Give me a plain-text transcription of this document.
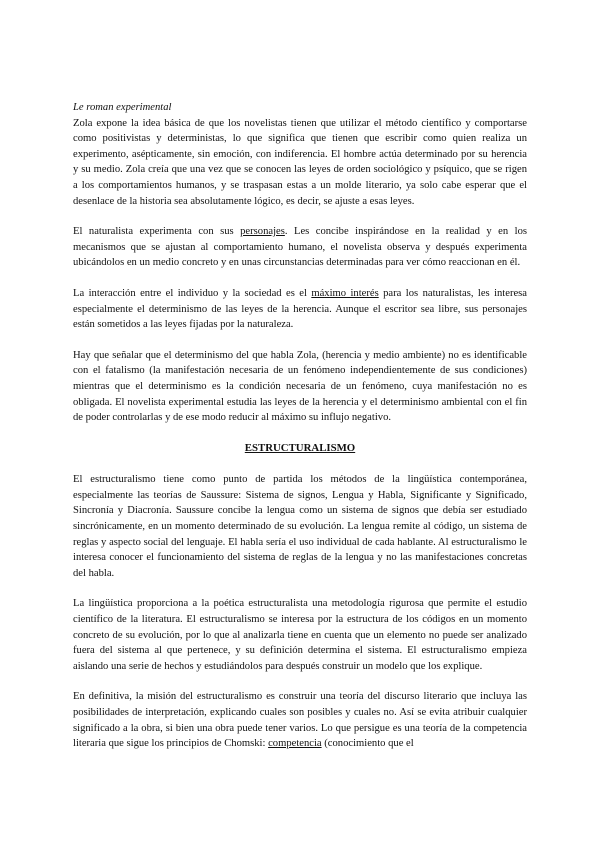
Le roman experimental

Zola expone la idea básica de que los novelistas tienen que utilizar el método científico y comportarse como positivistas y deterministas, lo que significa que tienen que escribir como quien realiza un experimento, asépticamente, sin emoción, con indiferencia. El hombre actúa determinado por su herencia y su medio. Zola creía que una vez que se conocen las leyes de orden sociológico y psíquico, que se rigen a los comportamientos humanos, y se traspasan estas a un molde literario, ya solo cabe esperar que el desenlace de la historia sea absolutamente lógico, es decir, se ajuste a esas leyes.

El naturalista experimenta con sus personajes. Les concibe inspirándose en la realidad y en los mecanismos que se ajustan al comportamiento humano, el novelista observa y después experimenta ubicándolos en un medio concreto y en unas circunstancias determinadas para ver cómo reaccionan en él.

La interacción entre el individuo y la sociedad es el máximo interés para los naturalistas, les interesa especialmente el determinismo de las leyes de la herencia. Aunque el escritor sea libre, sus personajes están sometidos a las leyes fijadas por la naturaleza.

Hay que señalar que el determinismo del que habla Zola, (herencia y medio ambiente) no es identificable con el fatalismo (la manifestación necesaria de un fenómeno independientemente de sus condiciones) mientras que el determinismo es la condición necesaria de un fenómeno, cuya manifestación no es obligada. El novelista experimental estudia las leyes de la herencia y el determinismo ambiental con el fin de poder controlarlas y de ese modo reducir al máximo su influjo negativo.

ESTRUCTURALISMO

El estructuralismo tiene como punto de partida los métodos de la lingüística contemporánea, especialmente las teorías de Saussure: Sistema de signos, Lengua y Habla, Significante y Significado, Sincronía y Diacronía. Saussure concibe la lengua como un sistema de signos que debía ser estudiado sincrónicamente, en un momento determinado de su evolución. La lengua remite al código, un sistema de reglas y aspecto social del lenguaje. El habla sería el uso individual de cada hablante. Al estructuralismo le interesa conocer el funcionamiento del sistema de reglas de la lengua y no las manifestaciones concretas del habla.

La lingüística proporciona a la poética estructuralista una metodología rigurosa que permite el estudio científico de la literatura. El estructuralismo se interesa por la estructura de los códigos en un momento concreto de su evolución, por lo que al analizarla tiene en cuenta que un elemento no puede ser analizado fuera del sistema al que pertenece, y su definición determina el sistema. El estructuralismo empieza aislando una serie de hechos y estudiándolos para después construir un modelo que los explique.

En definitiva, la misión del estructuralismo es construir una teoría del discurso literario que incluya las posibilidades de interpretación, explicando cuales son posibles y cuales no. Así se evita atribuir cualquier significado a la obra, si bien una obra puede tener varios. Lo que persigue es una teoría de la competencia literaria que sigue los principios de Chomski: competencia (conocimiento que el
